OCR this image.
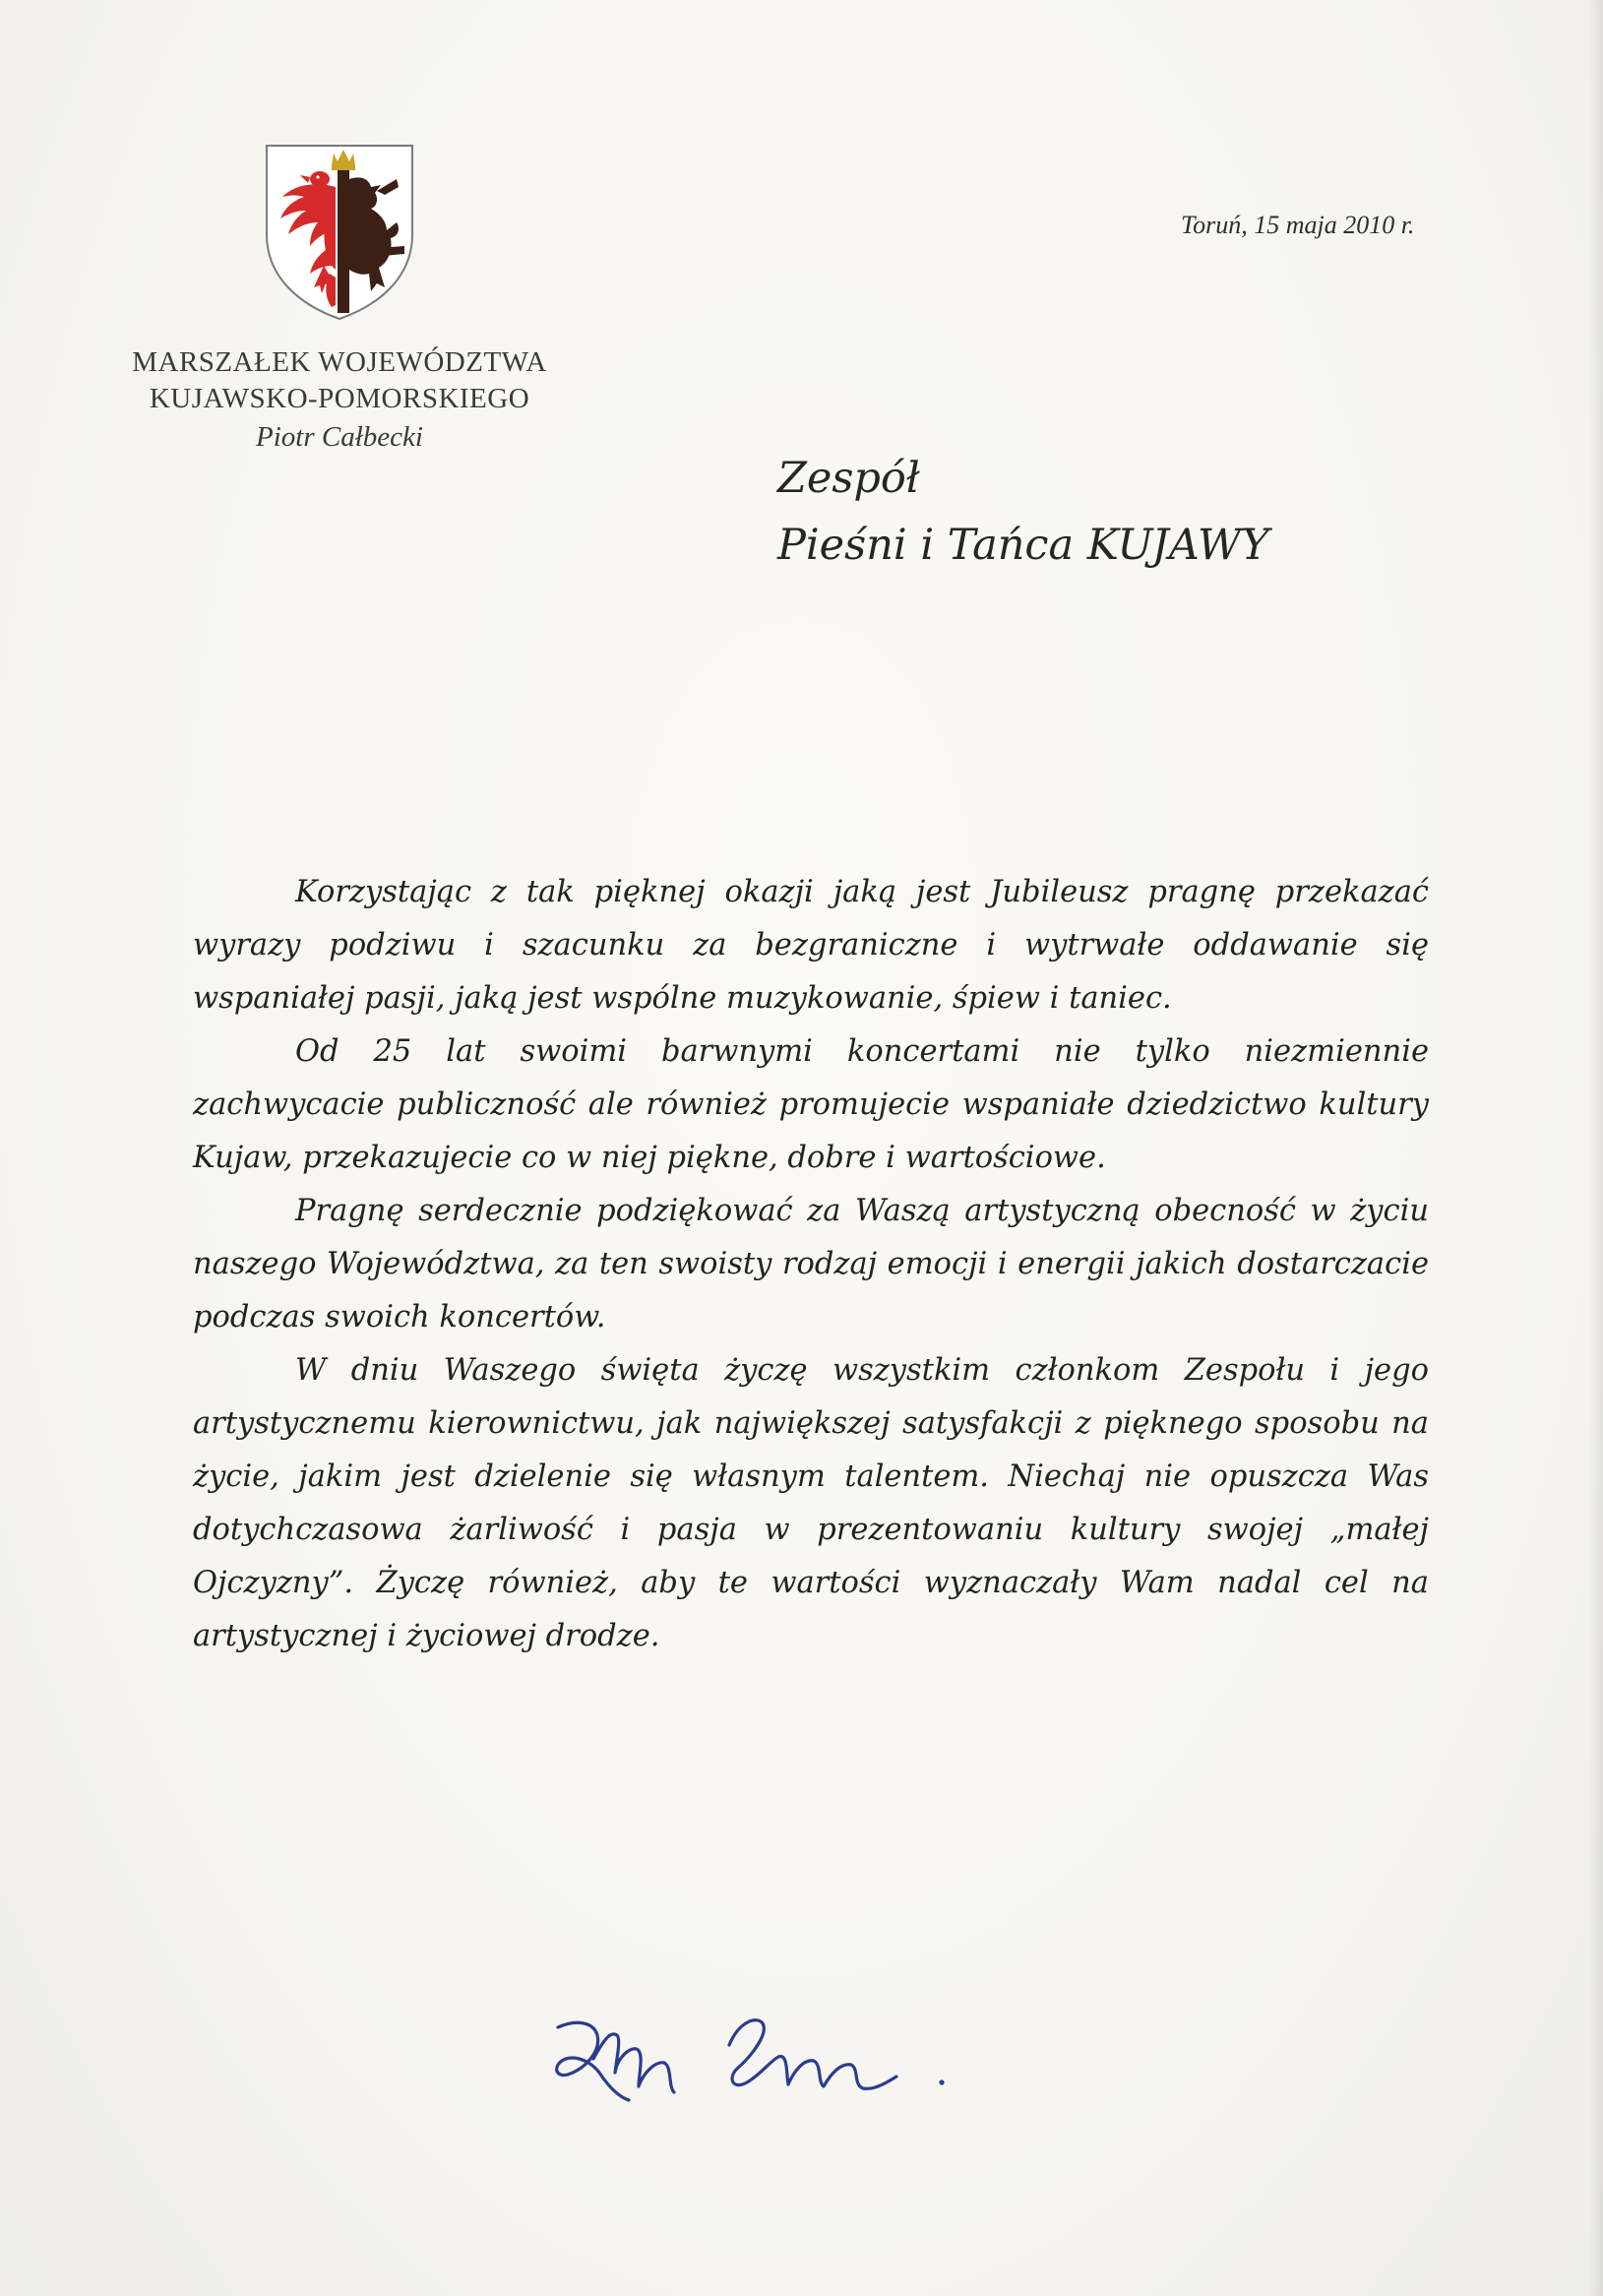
MARSZAŁEK WOJEWÓDZTWA

KUJAWSKO-POMORSKIEGO

Piotr Całbecki

Toruń, 15 maja 2010 r.
Zespół
Pieśni i Tańca KUJAWY

Korzystając z tak pięknej okazji jaką jest Jubileusz pragnę przekazać wyrazy podziwu i szacunku za bezgraniczne i wytrwałe oddawanie się wspaniałej pasji, jaką jest wspólne muzykowanie, śpiew i taniec.

Od 25 lat swoimi barwnymi koncertami nie tylko niezmiennie zachwycacie publiczność ale również promujecie wspaniałe dziedzictwo kultury Kujaw, przekazujecie co w niej piękne, dobre i wartościowe.

Pragnę serdecznie podziękować za Waszą artystyczną obecność w życiu naszego Województwa, za ten swoisty rodzaj emocji i energii jakich dostarczacie podczas swoich koncertów.

W dniu Waszego święta życzę wszystkim członkom Zespołu i jego artystycznemu kierownictwu, jak największej satysfakcji z pięknego sposobu na życie, jakim jest dzielenie się własnym talentem. Niechaj nie opuszcza Was dotychczasowa żarliwość i pasja w prezentowaniu kultury swojej „małej Ojczyzny”. Życzę również, aby te wartości wyznaczały Wam nadal cel na artystycznej i życiowej drodze.
